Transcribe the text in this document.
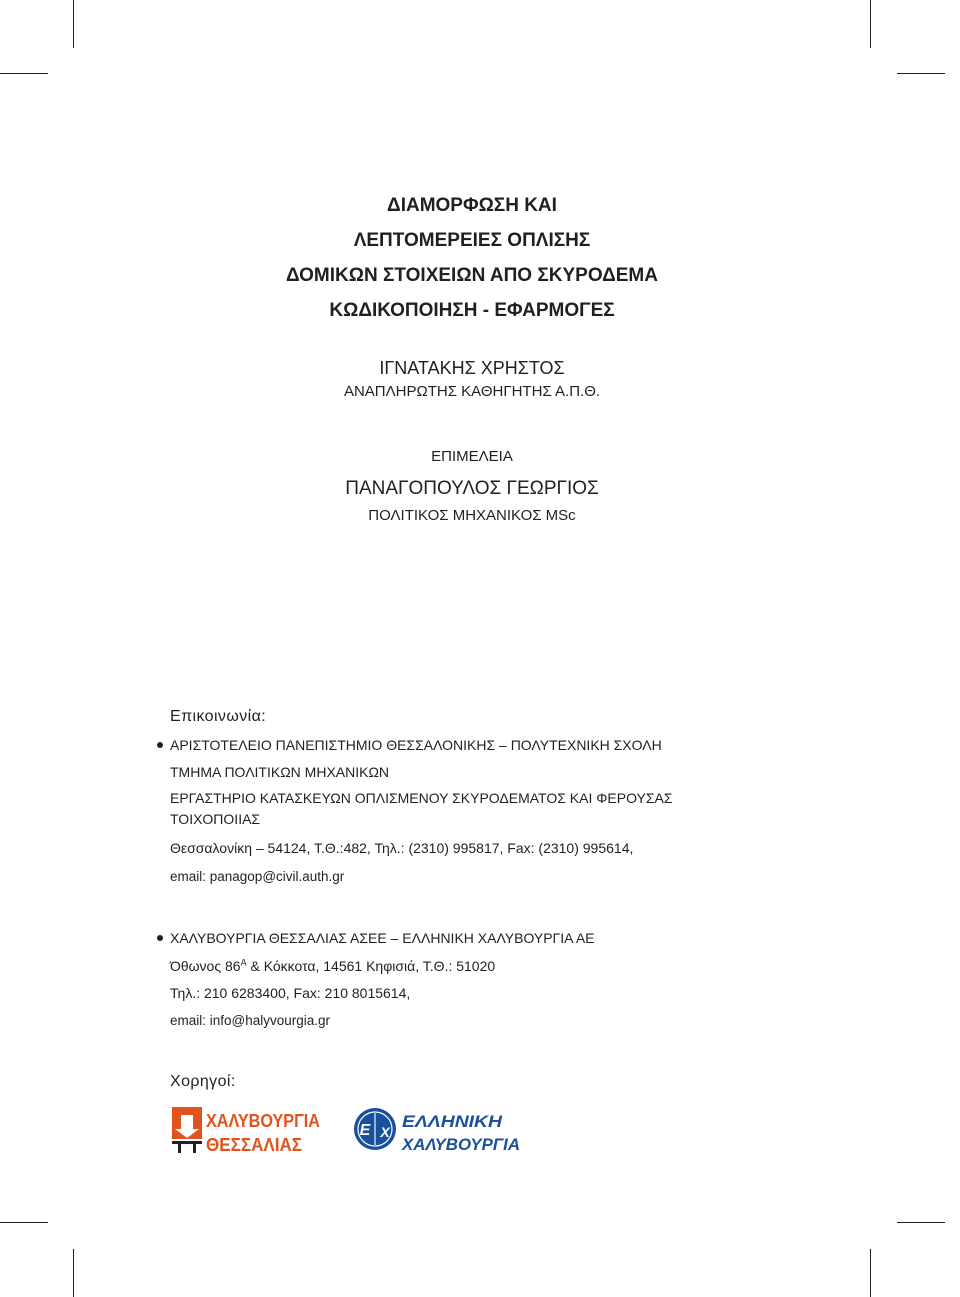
ΔΙΑΜΟΡΦΩΣΗ ΚΑΙ

ΛΕΠΤΟΜΕΡΕΙΕΣ ΟΠΛΙΣΗΣ

ΔΟΜΙΚΩΝ ΣΤΟΙΧΕΙΩΝ ΑΠΟ ΣΚΥΡΟΔΕΜΑ

ΚΩΔΙΚΟΠΟΙΗΣΗ - ΕΦΑΡΜΟΓΕΣ

ΙΓΝΑΤΑΚΗΣ ΧΡΗΣΤΟΣ
ΑΝΑΠΛΗΡΩΤΗΣ ΚΑΘΗΓΗΤΗΣ Α.Π.Θ.
ΕΠΙΜΕΛΕΙΑ
ΠΑΝΑΓΟΠΟΥΛΟΣ ΓΕΩΡΓΙΟΣ
ΠΟΛΙΤΙΚΟΣ ΜΗΧΑΝΙΚΟΣ MSc
Επικοινωνία:
ΑΡΙΣΤΟΤΕΛΕΙΟ ΠΑΝΕΠΙΣΤΗΜΙΟ ΘΕΣΣΑΛΟΝΙΚΗΣ – ΠΟΛΥΤΕΧΝΙΚΗ ΣΧΟΛΗ
ΤΜΗΜΑ ΠΟΛΙΤΙΚΩΝ ΜΗΧΑΝΙΚΩΝ
ΕΡΓΑΣΤΗΡΙΟ ΚΑΤΑΣΚΕΥΩΝ ΟΠΛΙΣΜΕΝΟΥ ΣΚΥΡΟΔΕΜΑΤΟΣ ΚΑΙ ΦΕΡΟΥΣΑΣ
ΤΟΙΧΟΠΟΙΙΑΣ
Θεσσαλονίκη – 54124, Τ.Θ.:482, Τηλ.: (2310) 995817, Fax: (2310) 995614,
email: panagop@civil.auth.gr
ΧΑΛΥΒΟΥΡΓΙΑ ΘΕΣΣΑΛΙΑΣ ΑΣΕΕ – ΕΛΛΗΝΙΚΗ ΧΑΛΥΒΟΥΡΓΙΑ ΑΕ
Όθωνος $86^A$ & Κόκκοτα, 14561 Κηφισιά, Τ.Θ.: 51020
Τηλ.: 210 6283400, Fax: 210 8015614,
email: info@halyvourgia.gr
Χορηγοί:
ΧΑΛΥΒΟΥΡΓΙΑ
ΘΕΣΣΑΛΙΑΣ
Ε Χ
ΕΛΛΗΝΙΚΗ
ΧΑΛΥΒΟΥΡΓΙΑ
